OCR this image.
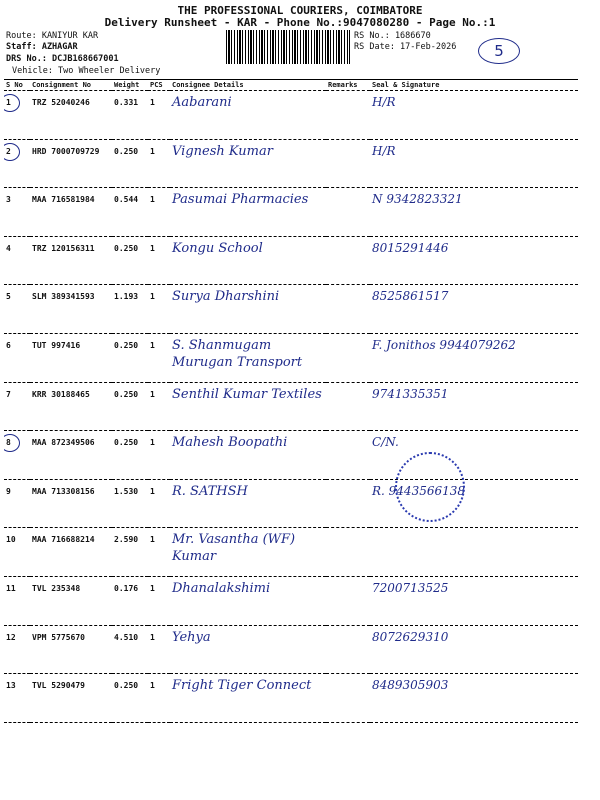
THE PROFESSIONAL COURIERS, COIMBATORE
Delivery Runsheet - KAR - Phone No.:9047080280 - Page No.:1
Route: KANIYUR KAR
Staff: AZHAGAR
DRS No.: DCJB168667001
Vehicle: Two Wheeler Delivery
RS No.: 1686670
RS Date: 17-Feb-2026	5
S No	Consignment No	Weight	PCS	Consignee Details	Remarks	Seal & Signature

1	TRZ 52040246	0.331	1	Aabarani		H/R

2	HRD 7000709729	0.250	1	Vignesh Kumar		H/R
3	MAA 716581984	0.544	1	Pasumai Pharmacies		N 9342823321
4	TRZ 120156311	0.250	1	Kongu School		8015291446
5	SLM 389341593	1.193	1	Surya Dharshini		8525861517
6	TUT 997416	0.250	1	S. Shanmugam Murugan Transport		F. Jonithos 9944079262
7	KRR 30188465	0.250	1	Senthil Kumar Textiles		9741335351

8	MAA 872349506	0.250	1	Mahesh Boopathi		C/N.
9	MAA 713308156	1.530	1	R. SATHSH		R. 9443566138
10	MAA 716688214	2.590	1	Mr. Vasantha (WF) Kumar		
11	TVL 235348	0.176	1	Dhanalakshimi		7200713525
12	VPM 5775670	4.510	1	Yehya		8072629310
13	TVL 5290479	0.250	1	Fright Tiger Connect		8489305903
